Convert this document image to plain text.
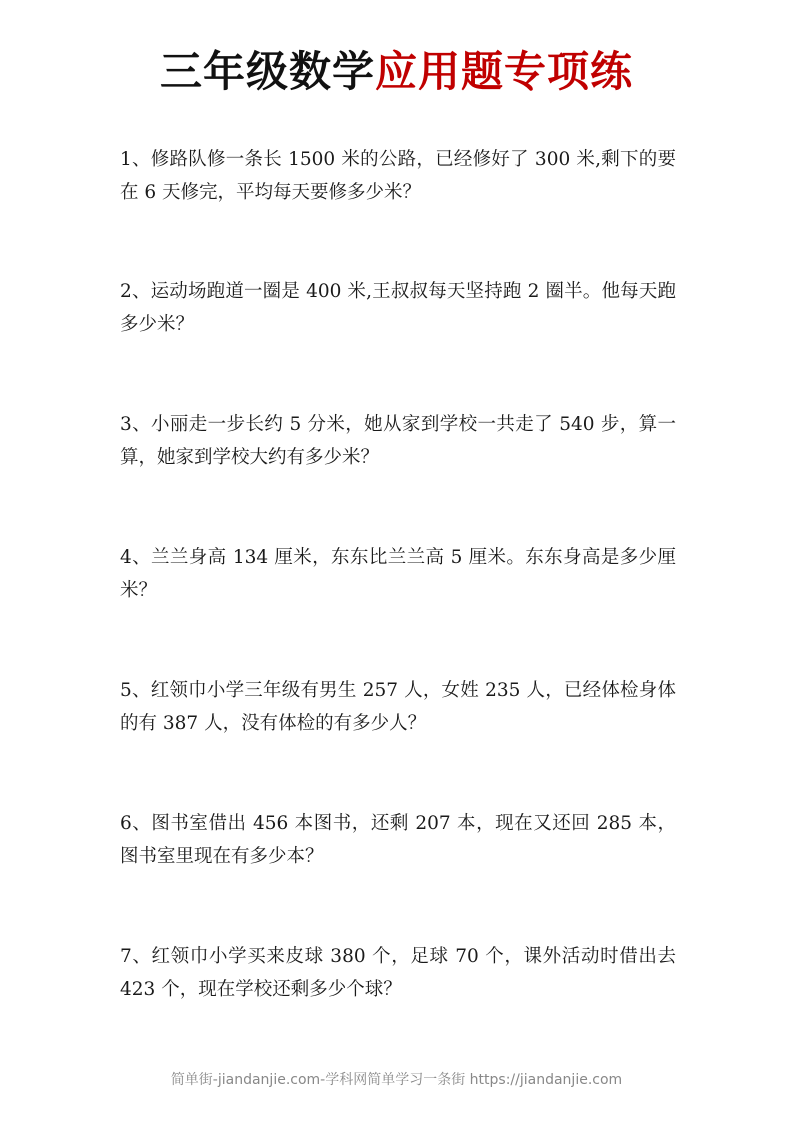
三年级数学应用题专项练

1、修路队修一条长 1500 米的公路，已经修好了 300 米,剩下的要在 6 天修完，平均每天要修多少米？

2、运动场跑道一圈是 400 米,王叔叔每天坚持跑 2 圈半。他每天跑多少米？

3、小丽走一步长约 5 分米，她从家到学校一共走了 540 步，算一算，她家到学校大约有多少米？

4、兰兰身高 134 厘米，东东比兰兰高 5 厘米。东东身高是多少厘米？

5、红领巾小学三年级有男生 257 人，女姓 235 人，已经体检身体的有 387 人，没有体检的有多少人？

6、图书室借出 456 本图书，还剩 207 本，现在又还回 285 本，图书室里现在有多少本？

7、红领巾小学买来皮球 380 个，足球 70 个，课外活动时借出去 423 个，现在学校还剩多少个球？

简单街-jiandanjie.com-学科网简单学习一条街 https://jiandanjie.com
